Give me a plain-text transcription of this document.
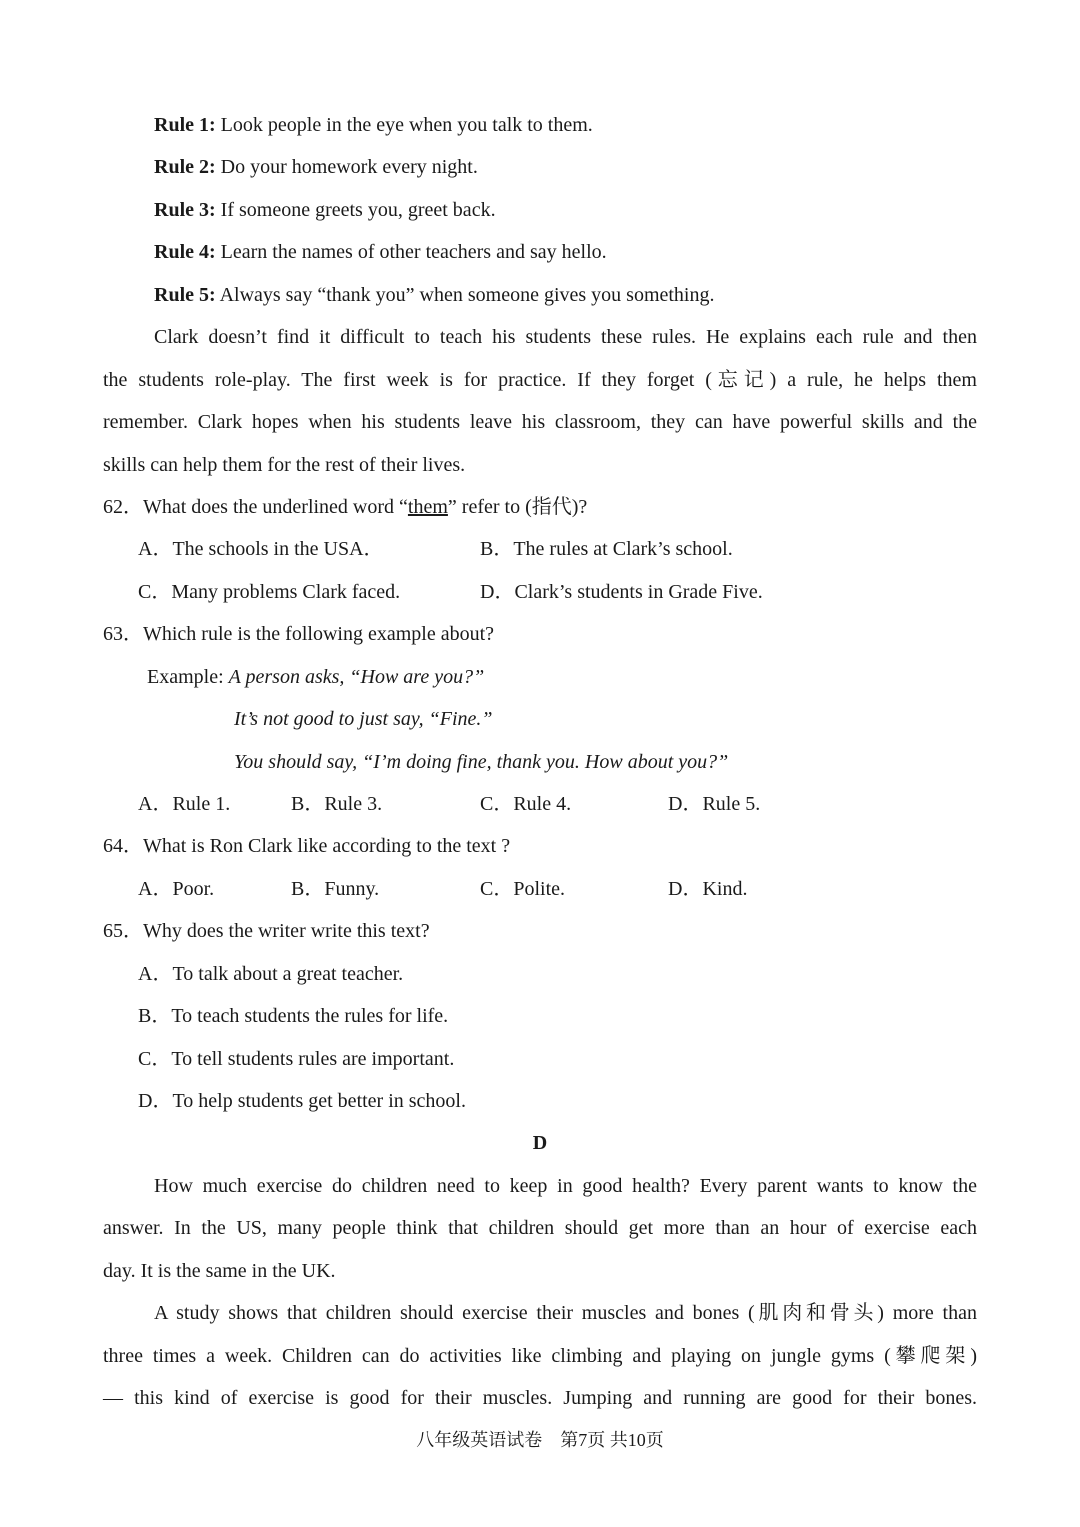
Rule 1: Look people in the eye when you talk to them.
Rule 2: Do your homework every night.
Rule 3: If someone greets you, greet back.
Rule 4: Learn the names of other teachers and say hello.
Rule 5: Always say “thank you” when someone gives you something.
Clark doesn’t find it difficult to teach his students these rules. He explains each rule and then
the students role-play. The first week is for practice. If they forget (忘记) a rule, he helps them
remember. Clark hopes when his students leave his classroom, they can have powerful skills and the
skills can help them for the rest of their lives.
62．What does the underlined word “them” refer to (指代)?
A．The schools in the USA．	B．The rules at Clark’s school.
C．Many problems Clark faced.	D．Clark’s students in Grade Five.
63．Which rule is the following example about?
Example: A person asks, “How are you?”
It’s not good to just say, “Fine.”
You should say, “I’m doing fine, thank you. How about you?”
A．Rule 1.	B．Rule 3.	C．Rule 4.	D．Rule 5.
64．What is Ron Clark like according to the text ?
A．Poor.	B．Funny.	C．Polite.	D．Kind.
65．Why does the writer write this text?
A．To talk about a great teacher.
B．To teach students the rules for life.
C．To tell students rules are important.
D．To help students get better in school.
D
How much exercise do children need to keep in good health? Every parent wants to know the
answer. In the US, many people think that children should get more than an hour of exercise each
day. It is the same in the UK.
A study shows that children should exercise their muscles and bones (肌肉和骨头) more than
three times a week. Children can do activities like climbing and playing on jungle gyms (攀爬架)
— this kind of exercise is good for their muscles. Jumping and running are good for their bones.
八年级英语试卷　第7页 共10页
